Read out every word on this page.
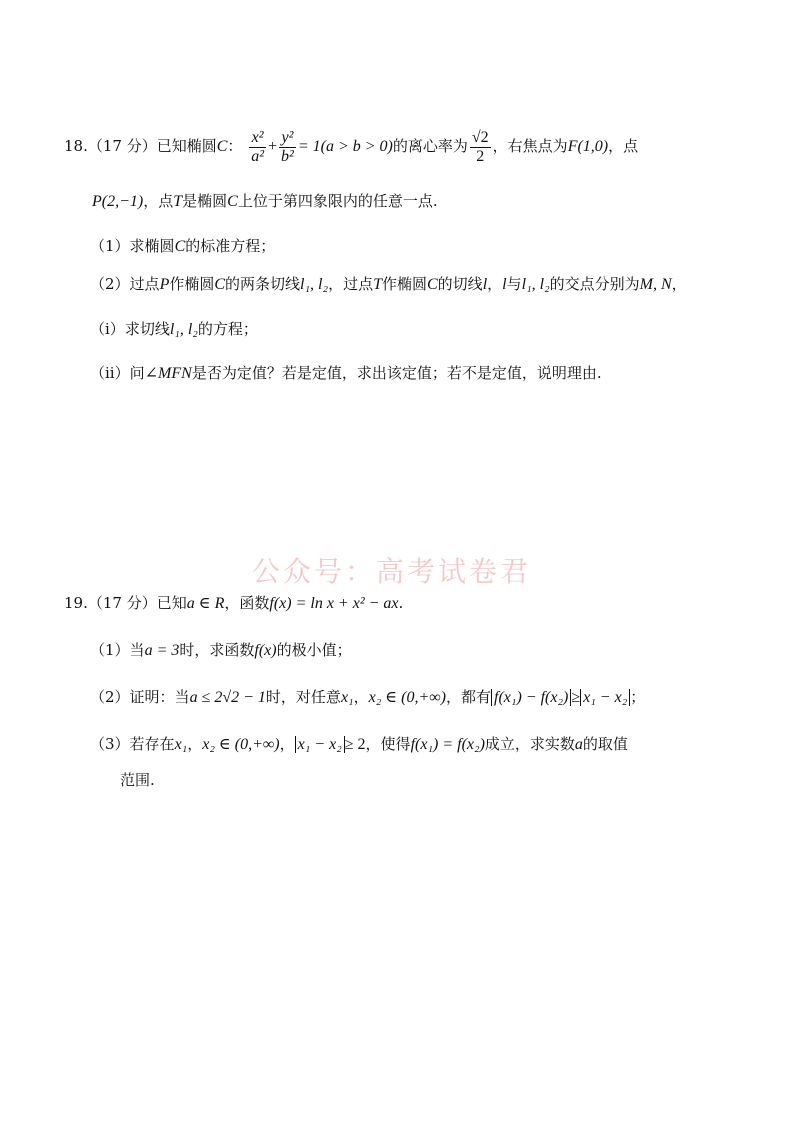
18.（17 分）已知椭圆C： $\frac{\text{x²}}{\text{a²}} + \frac{\text{y²}}{\text{b²}} = 1(a > b > 0)$的离心率为 $\frac{√2}{2}$ ，右焦点为F(1,0)，点
P(2,−1)，点T是椭圆C上位于第四象限内的任意一点.
（1）求椭圆C的标准方程；
（2）过点P作椭圆C的两条切线l₁, l₂，过点T作椭圆C的切线l，l与l₁, l₂的交点分别为M, N，
（i）求切线l₁, l₂的方程；
（ii）问∠MFN是否为定值？若是定值，求出该定值；若不是定值，说明理由.
公众号：高考试卷君
19.（17 分）已知a ∈ R，函数f(x) = ln x + x² − ax.
（1）当a = 3时，求函数f(x)的极小值；
（2）证明：当a ≤ 2√2 − 1时，对任意x₁，x₂ ∈ (0,+∞)，都有 f(x₁) − f(x₂) ≥ x₁ − x₂ ；
（3）若存在x₁，x₂ ∈ (0,+∞)， x₁ − x₂ ≥ 2，使得f(x₁) = f(x₂)成立，求实数a的取值
范围.
